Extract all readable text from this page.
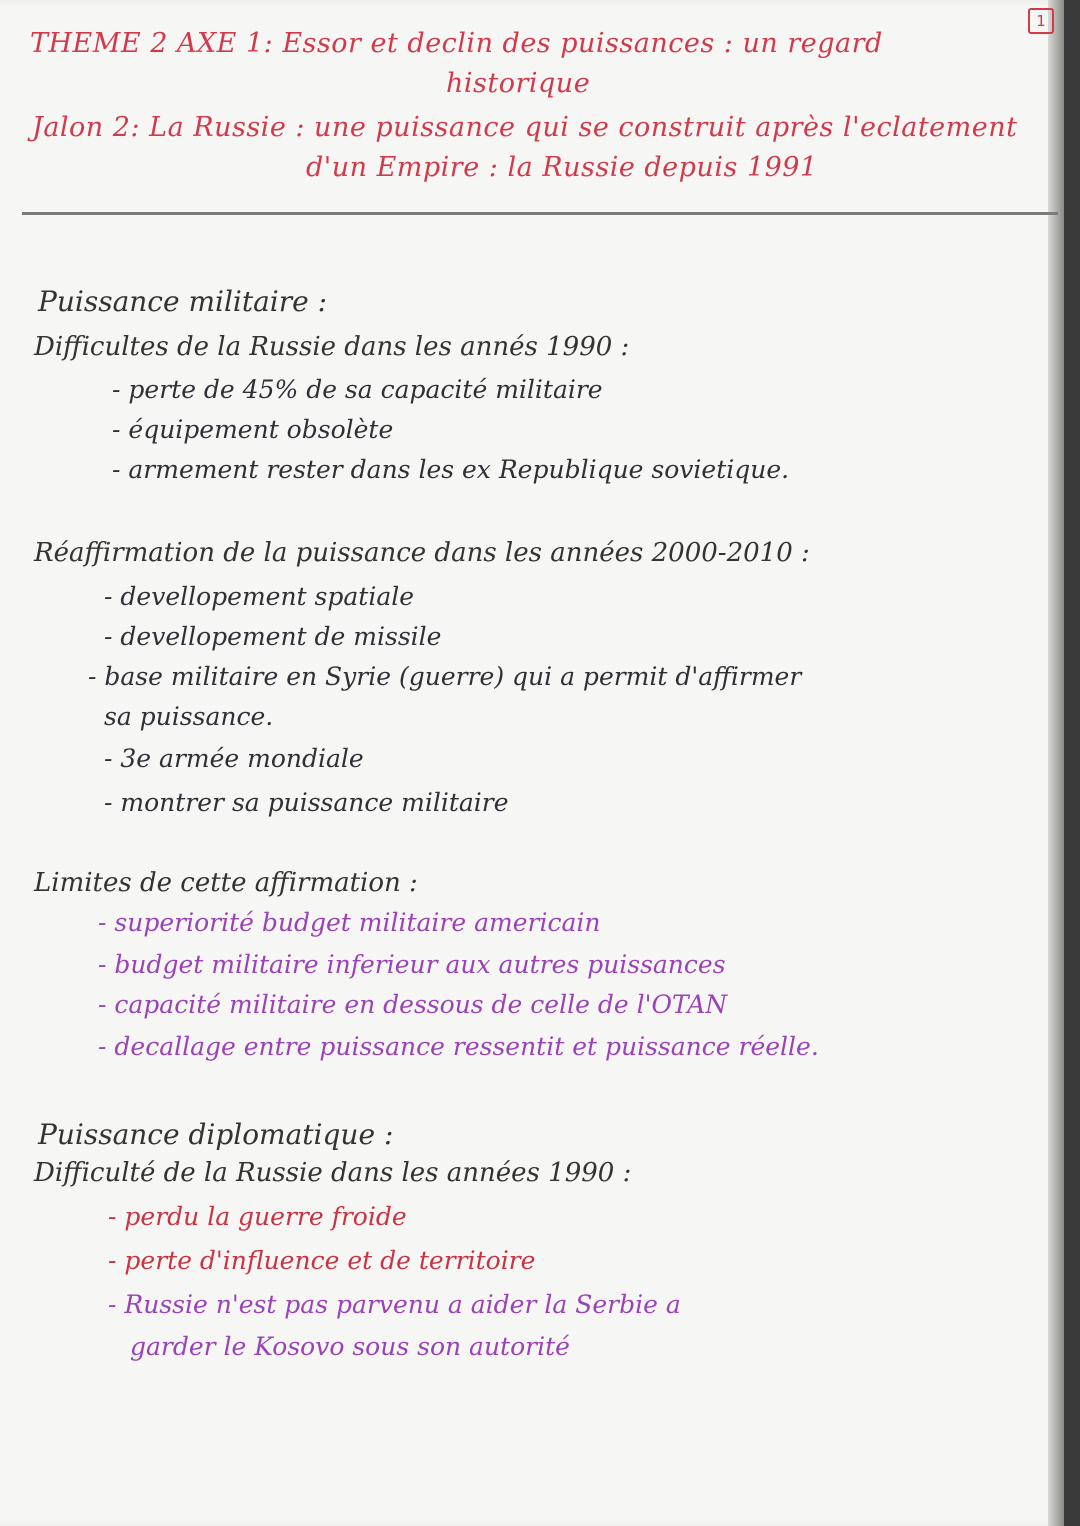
THEME 2 AXE 1: Essor et declin des puissances : un regard
historique
Jalon 2: La Russie : une puissance qui se construit après l'eclatement
d'un Empire : la Russie depuis 1991
1
Puissance militaire :
Difficultes de la Russie dans les annés 1990 :
- perte de 45% de sa capacité militaire
- équipement obsolète
- armement rester dans les ex Republique sovietique.
Réaffirmation de la puissance dans les années 2000-2010 :
- devellopement spatiale
- devellopement de missile
- base militaire en Syrie (guerre) qui a permit d'affirmer
sa puissance.
- 3e armée mondiale
- montrer sa puissance militaire
Limites de cette affirmation :
- superiorité budget militaire americain
- budget militaire inferieur aux autres puissances
- capacité militaire en dessous de celle de l'OTAN
- decallage entre puissance ressentit et puissance réelle.
Puissance diplomatique :
Difficulté de la Russie dans les années 1990 :
- perdu la guerre froide
- perte d'influence et de territoire
- Russie n'est pas parvenu a aider la Serbie a
garder le Kosovo sous son autorité
